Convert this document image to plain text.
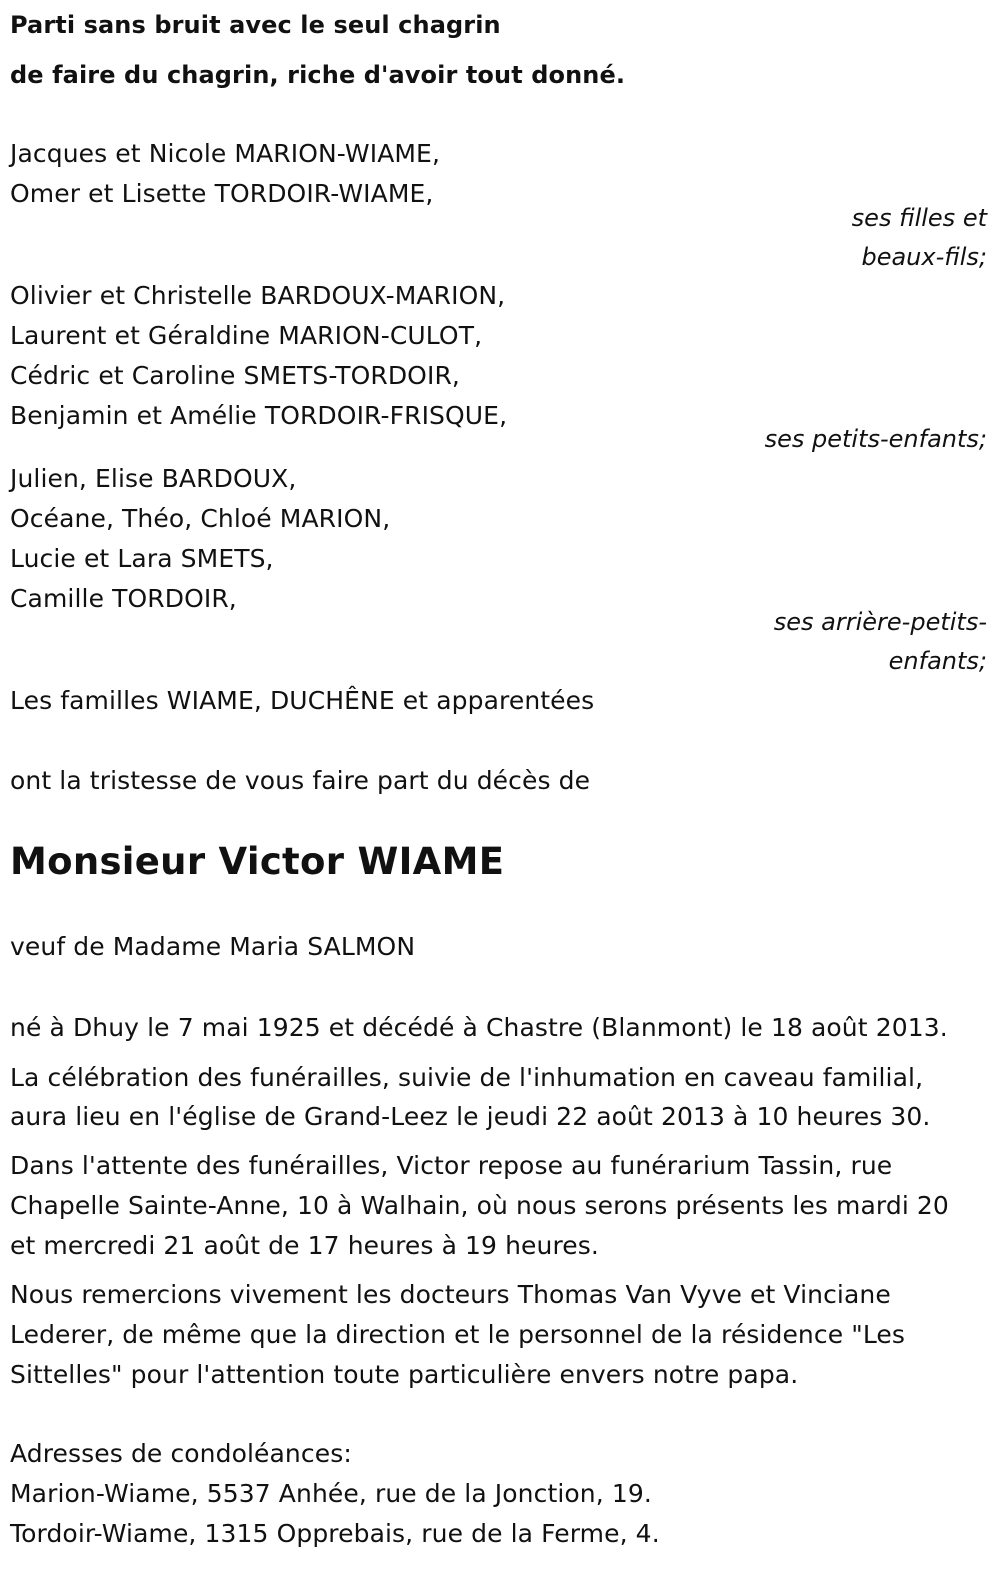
Parti sans bruit avec le seul chagrin
de faire du chagrin, riche d'avoir tout donné.
Jacques et Nicole MARION-WIAME,
Omer et Lisette TORDOIR-WIAME,
ses filles et
beaux-fils;
Olivier et Christelle BARDOUX-MARION,
Laurent et Géraldine MARION-CULOT,
Cédric et Caroline SMETS-TORDOIR,
Benjamin et Amélie TORDOIR-FRISQUE,
ses petits-enfants;
Julien, Elise BARDOUX,
Océane, Théo, Chloé MARION,
Lucie et Lara SMETS,
Camille TORDOIR,
ses arrière-petits-
enfants;
Les familles WIAME, DUCHÊNE et apparentées
ont la tristesse de vous faire part du décès de
Monsieur Victor WIAME
veuf de Madame Maria SALMON
né à Dhuy le 7 mai 1925 et décédé à Chastre (Blanmont) le 18 août 2013.
La célébration des funérailles, suivie de l'inhumation en caveau familial,
aura lieu en l'église de Grand-Leez le jeudi 22 août 2013 à 10 heures 30.
Dans l'attente des funérailles, Victor repose au funérarium Tassin, rue
Chapelle Sainte-Anne, 10 à Walhain, où nous serons présents les mardi 20
et mercredi 21 août de 17 heures à 19 heures.
Nous remercions vivement les docteurs Thomas Van Vyve et Vinciane
Lederer, de même que la direction et le personnel de la résidence "Les
Sittelles" pour l'attention toute particulière envers notre papa.
Adresses de condoléances:
Marion-Wiame, 5537 Anhée, rue de la Jonction, 19.
Tordoir-Wiame, 1315 Opprebais, rue de la Ferme, 4.
